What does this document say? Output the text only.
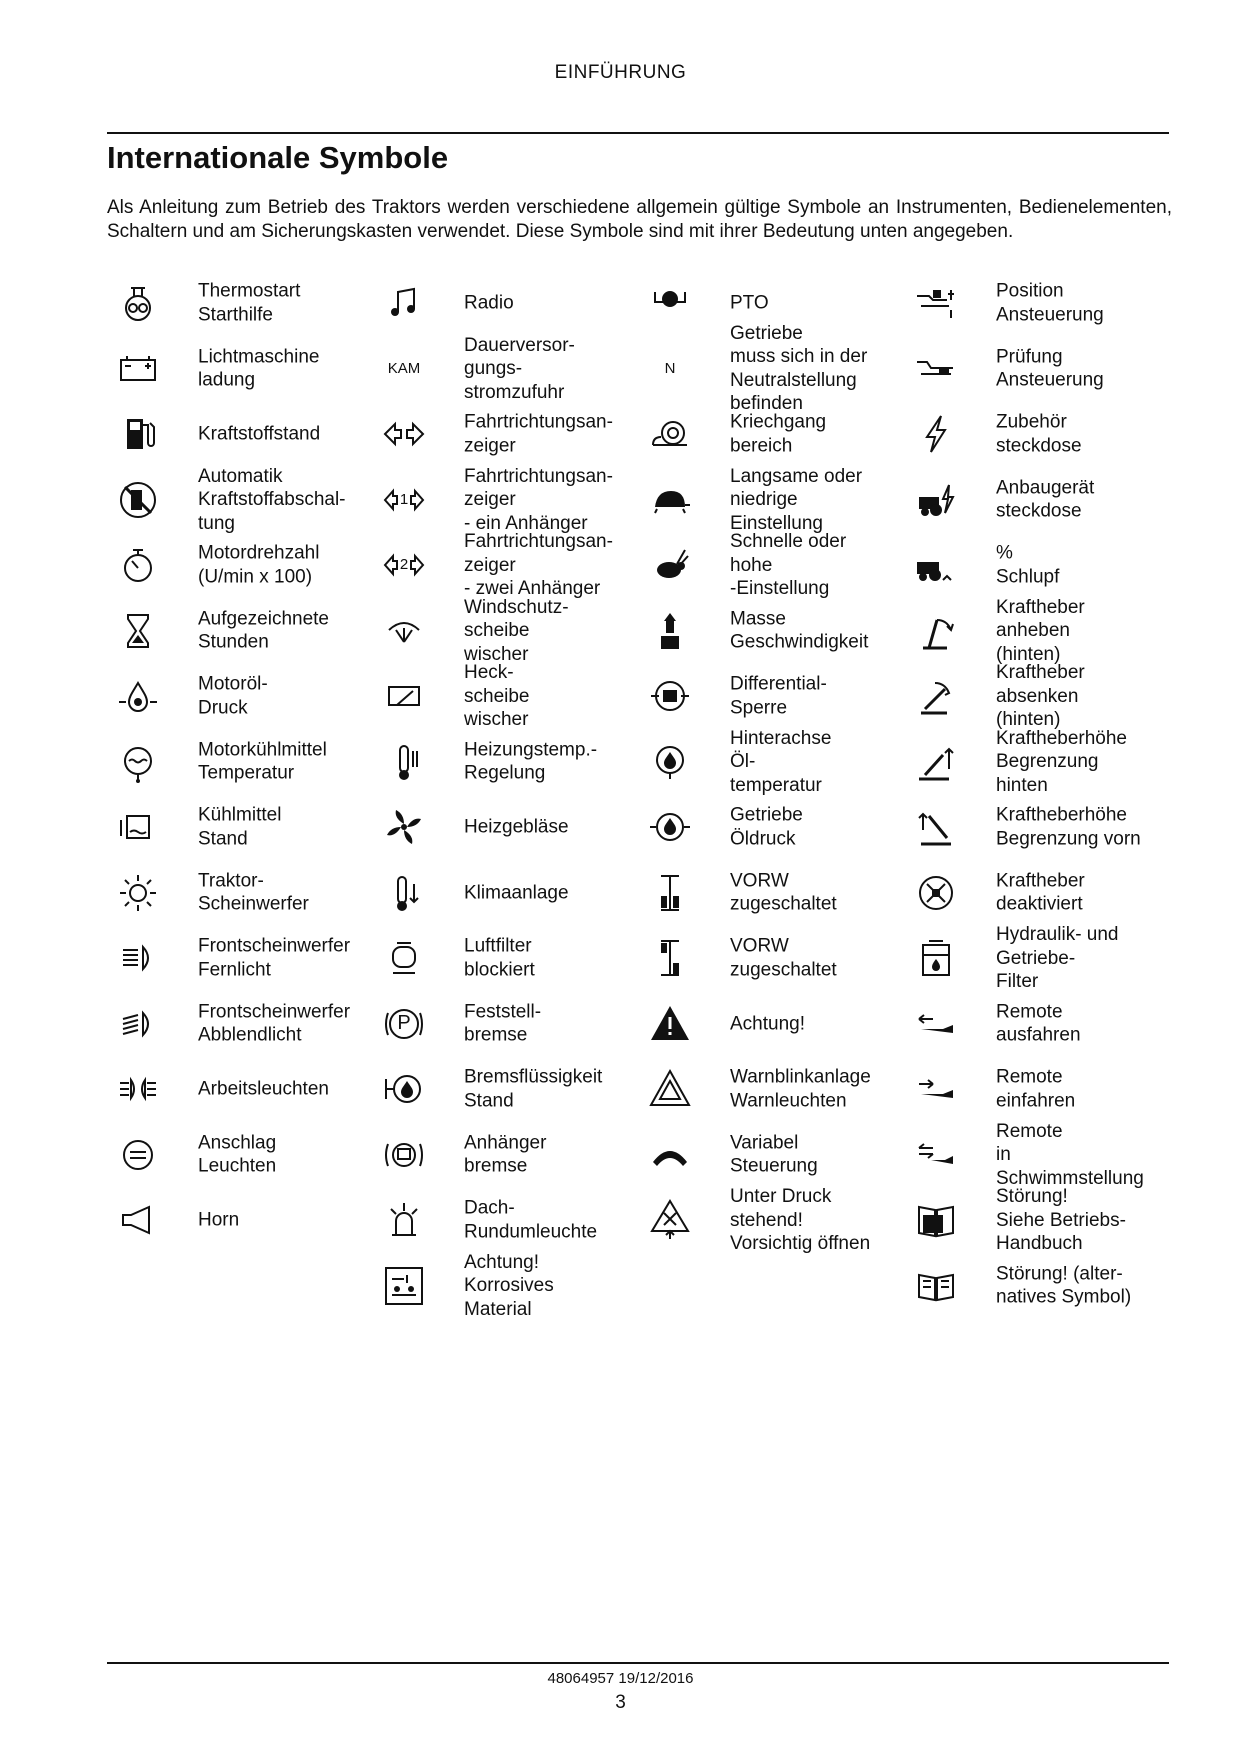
EINFÜHRUNG
Internationale Symbole
Als Anleitung zum Betrieb des Traktors werden verschiedene allgemein gültige Symbole an Instrumenten, Bedienelementen, Schaltern und am Sicherungskasten verwendet. Diese Symbole sind mit ihrer Bedeutung unten angegeben.
Thermostart
Starthilfe
Lichtmaschine
ladung
Kraftstoffstand
Automatik
Kraftstoffabschal-
tung
Motordrehzahl
(U/min x 100)
Aufgezeichnete
Stunden
Motoröl-
Druck
Motorkühlmittel
Temperatur
Kühlmittel
Stand
Traktor-
Scheinwerfer
Frontscheinwerfer
Fernlicht
Frontscheinwerfer
Abblendlicht
Arbeitsleuchten
Anschlag
Leuchten
Horn
Radio
KAM
Dauerversor-
gungs-
stromzufuhr
Fahrtrichtungsan-
zeiger
1
Fahrtrichtungsan-
zeiger
- ein Anhänger
2
Fahrtrichtungsan-
zeiger
- zwei Anhänger
Windschutz-
scheibe
wischer
Heck-
scheibe
wischer
Heizungstemp.-
Regelung
Heizgebläse
Klimaanlage
Luftfilter
blockiert
P	Feststell-
bremse
Bremsflüssigkeit
Stand
Anhänger
bremse
Dach-
Rundumleuchte
Achtung!
Korrosives
Material
PTO
N
Getriebe
muss sich in der
Neutralstellung
befinden
Kriechgang
bereich
Langsame oder
niedrige
Einstellung
Schnelle oder
hohe
-Einstellung
Masse
Geschwindigkeit
Differential-
Sperre
Hinterachse
Öl-
temperatur
Getriebe
Öldruck
VORW
zugeschaltet
VORW
zugeschaltet
Achtung!
Warnblinkanlage
Warnleuchten
Variabel
Steuerung
Unter Druck
stehend!
Vorsichtig öffnen
Position
Ansteuerung
Prüfung
Ansteuerung
Zubehör
steckdose
Anbaugerät
steckdose
%
Schlupf
Kraftheber
anheben
(hinten)
Kraftheber
absenken
(hinten)
Kraftheberhöhe
Begrenzung
hinten
Kraftheberhöhe
Begrenzung vorn
Kraftheber
deaktiviert
Hydraulik- und
Getriebe-
Filter
Remote
ausfahren
Remote
einfahren
Remote
in
Schwimmstellung
Störung!
Siehe Betriebs-
Handbuch
Störung! (alter-
natives Symbol)
48064957 19/12/2016
3
